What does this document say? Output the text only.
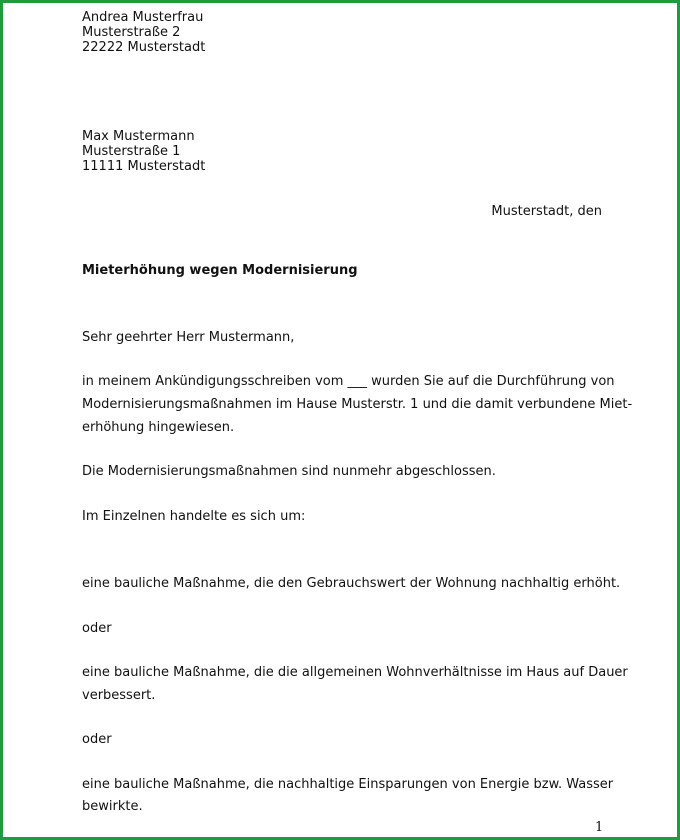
Andrea Musterfrau
Musterstraße 2
22222 Musterstadt
Max Mustermann
Musterstraße 1
11111 Musterstadt
Musterstadt, den
Mieterhöhung wegen Modernisierung
Sehr geehrter Herr Mustermann,
in meinem Ankündigungsschreiben vom ___ wurden Sie auf die Durchführung von
Modernisierungsmaßnahmen im Hause Musterstr. 1 und die damit verbundene Miet-
erhöhung hingewiesen.
Die Modernisierungsmaßnahmen sind nunmehr abgeschlossen.
Im Einzelnen handelte es sich um:
eine bauliche Maßnahme, die den Gebrauchswert der Wohnung nachhaltig erhöht.
oder
eine bauliche Maßnahme, die die allgemeinen Wohnverhältnisse im Haus auf Dauer
verbessert.
oder
eine bauliche Maßnahme, die nachhaltige Einsparungen von Energie bzw. Wasser
bewirkte.
1
